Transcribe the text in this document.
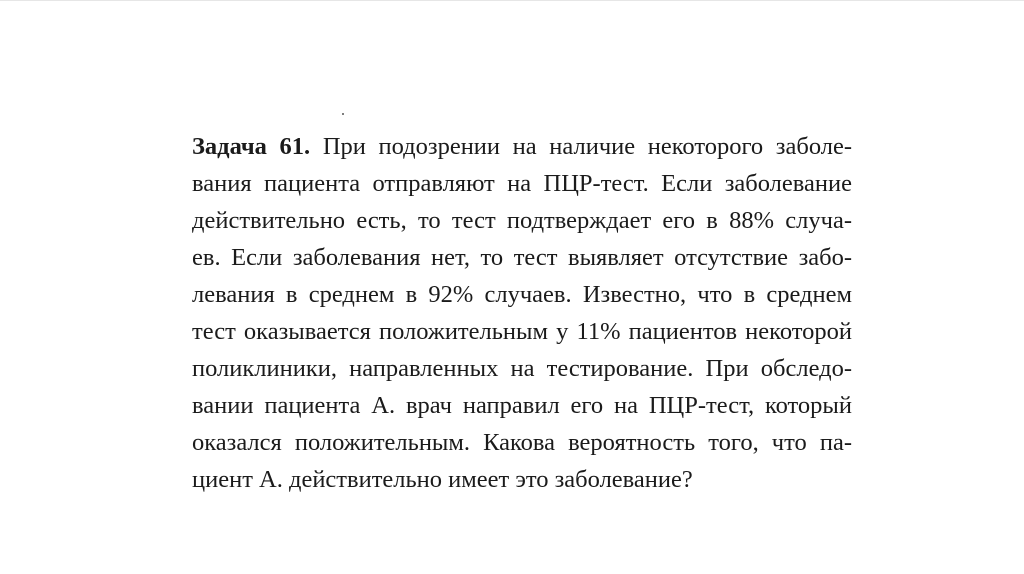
Задача 61. При подозрении на наличие некоторого заболе-
вания пациента отправляют на ПЦР-тест. Если заболевание
действительно есть, то тест подтверждает его в 88% случа-
ев. Если заболевания нет, то тест выявляет отсутствие забо-
левания в среднем в 92% случаев. Известно, что в среднем
тест оказывается положительным у 11% пациентов некоторой
поликлиники, направленных на тестирование. При обследо-
вании пациента А. врач направил его на ПЦР-тест, который
оказался положительным. Какова вероятность того, что па-
циент А. действительно имеет это заболевание?
